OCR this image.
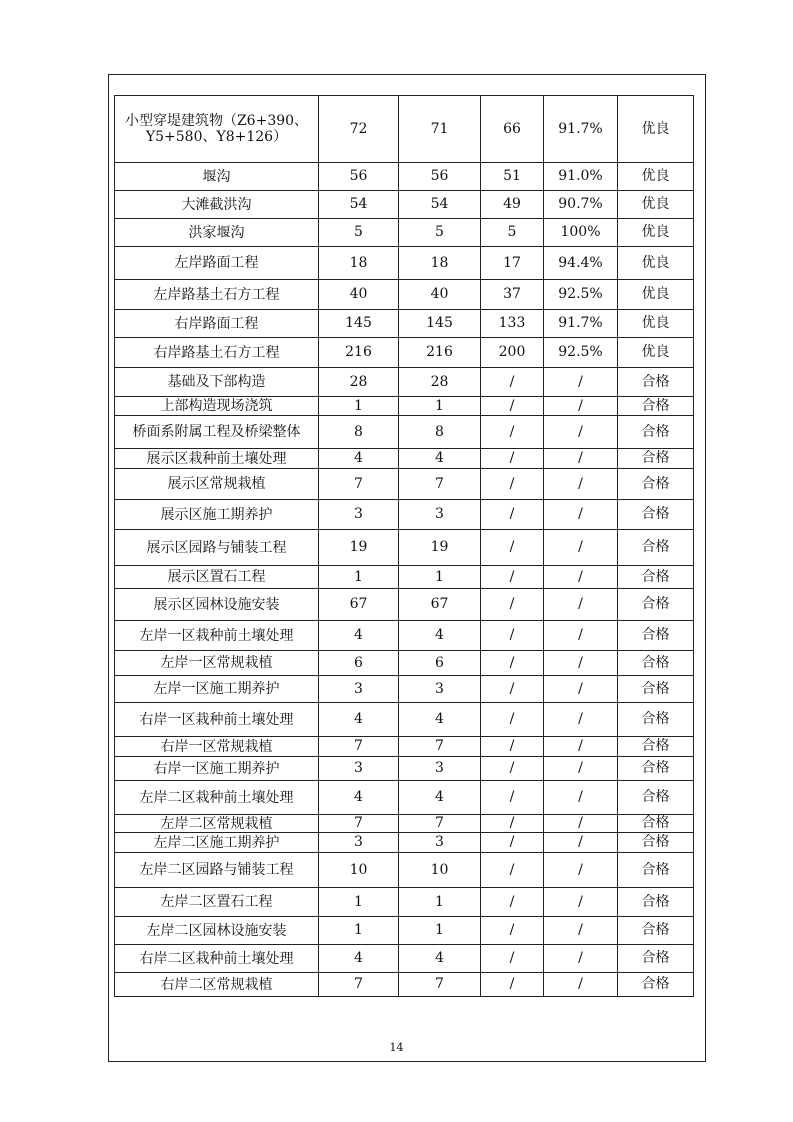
小型穿堤建筑物（Z6+390、Y5+580、Y8+126）	72	71	66	91.7%	优良
堰沟	56	56	51	91.0%	优良
大滩截洪沟	54	54	49	90.7%	优良
洪家堰沟	5	5	5	100%	优良
左岸路面工程	18	18	17	94.4%	优良
左岸路基土石方工程	40	40	37	92.5%	优良
右岸路面工程	145	145	133	91.7%	优良
右岸路基土石方工程	216	216	200	92.5%	优良
基础及下部构造	28	28	/	/	合格
上部构造现场浇筑	1	1	/	/	合格
桥面系附属工程及桥梁整体	8	8	/	/	合格
展示区栽种前土壤处理	4	4	/	/	合格
展示区常规栽植	7	7	/	/	合格
展示区施工期养护	3	3	/	/	合格
展示区园路与铺装工程	19	19	/	/	合格
展示区置石工程	1	1	/	/	合格
展示区园林设施安装	67	67	/	/	合格
左岸一区栽种前土壤处理	4	4	/	/	合格
左岸一区常规栽植	6	6	/	/	合格
左岸一区施工期养护	3	3	/	/	合格
右岸一区栽种前土壤处理	4	4	/	/	合格
右岸一区常规栽植	7	7	/	/	合格
右岸一区施工期养护	3	3	/	/	合格
左岸二区栽种前土壤处理	4	4	/	/	合格
左岸二区常规栽植	7	7	/	/	合格
左岸二区施工期养护	3	3	/	/	合格
左岸二区园路与铺装工程	10	10	/	/	合格
左岸二区置石工程	1	1	/	/	合格
左岸二区园林设施安装	1	1	/	/	合格
右岸二区栽种前土壤处理	4	4	/	/	合格
右岸二区常规栽植	7	7	/	/	合格
14
